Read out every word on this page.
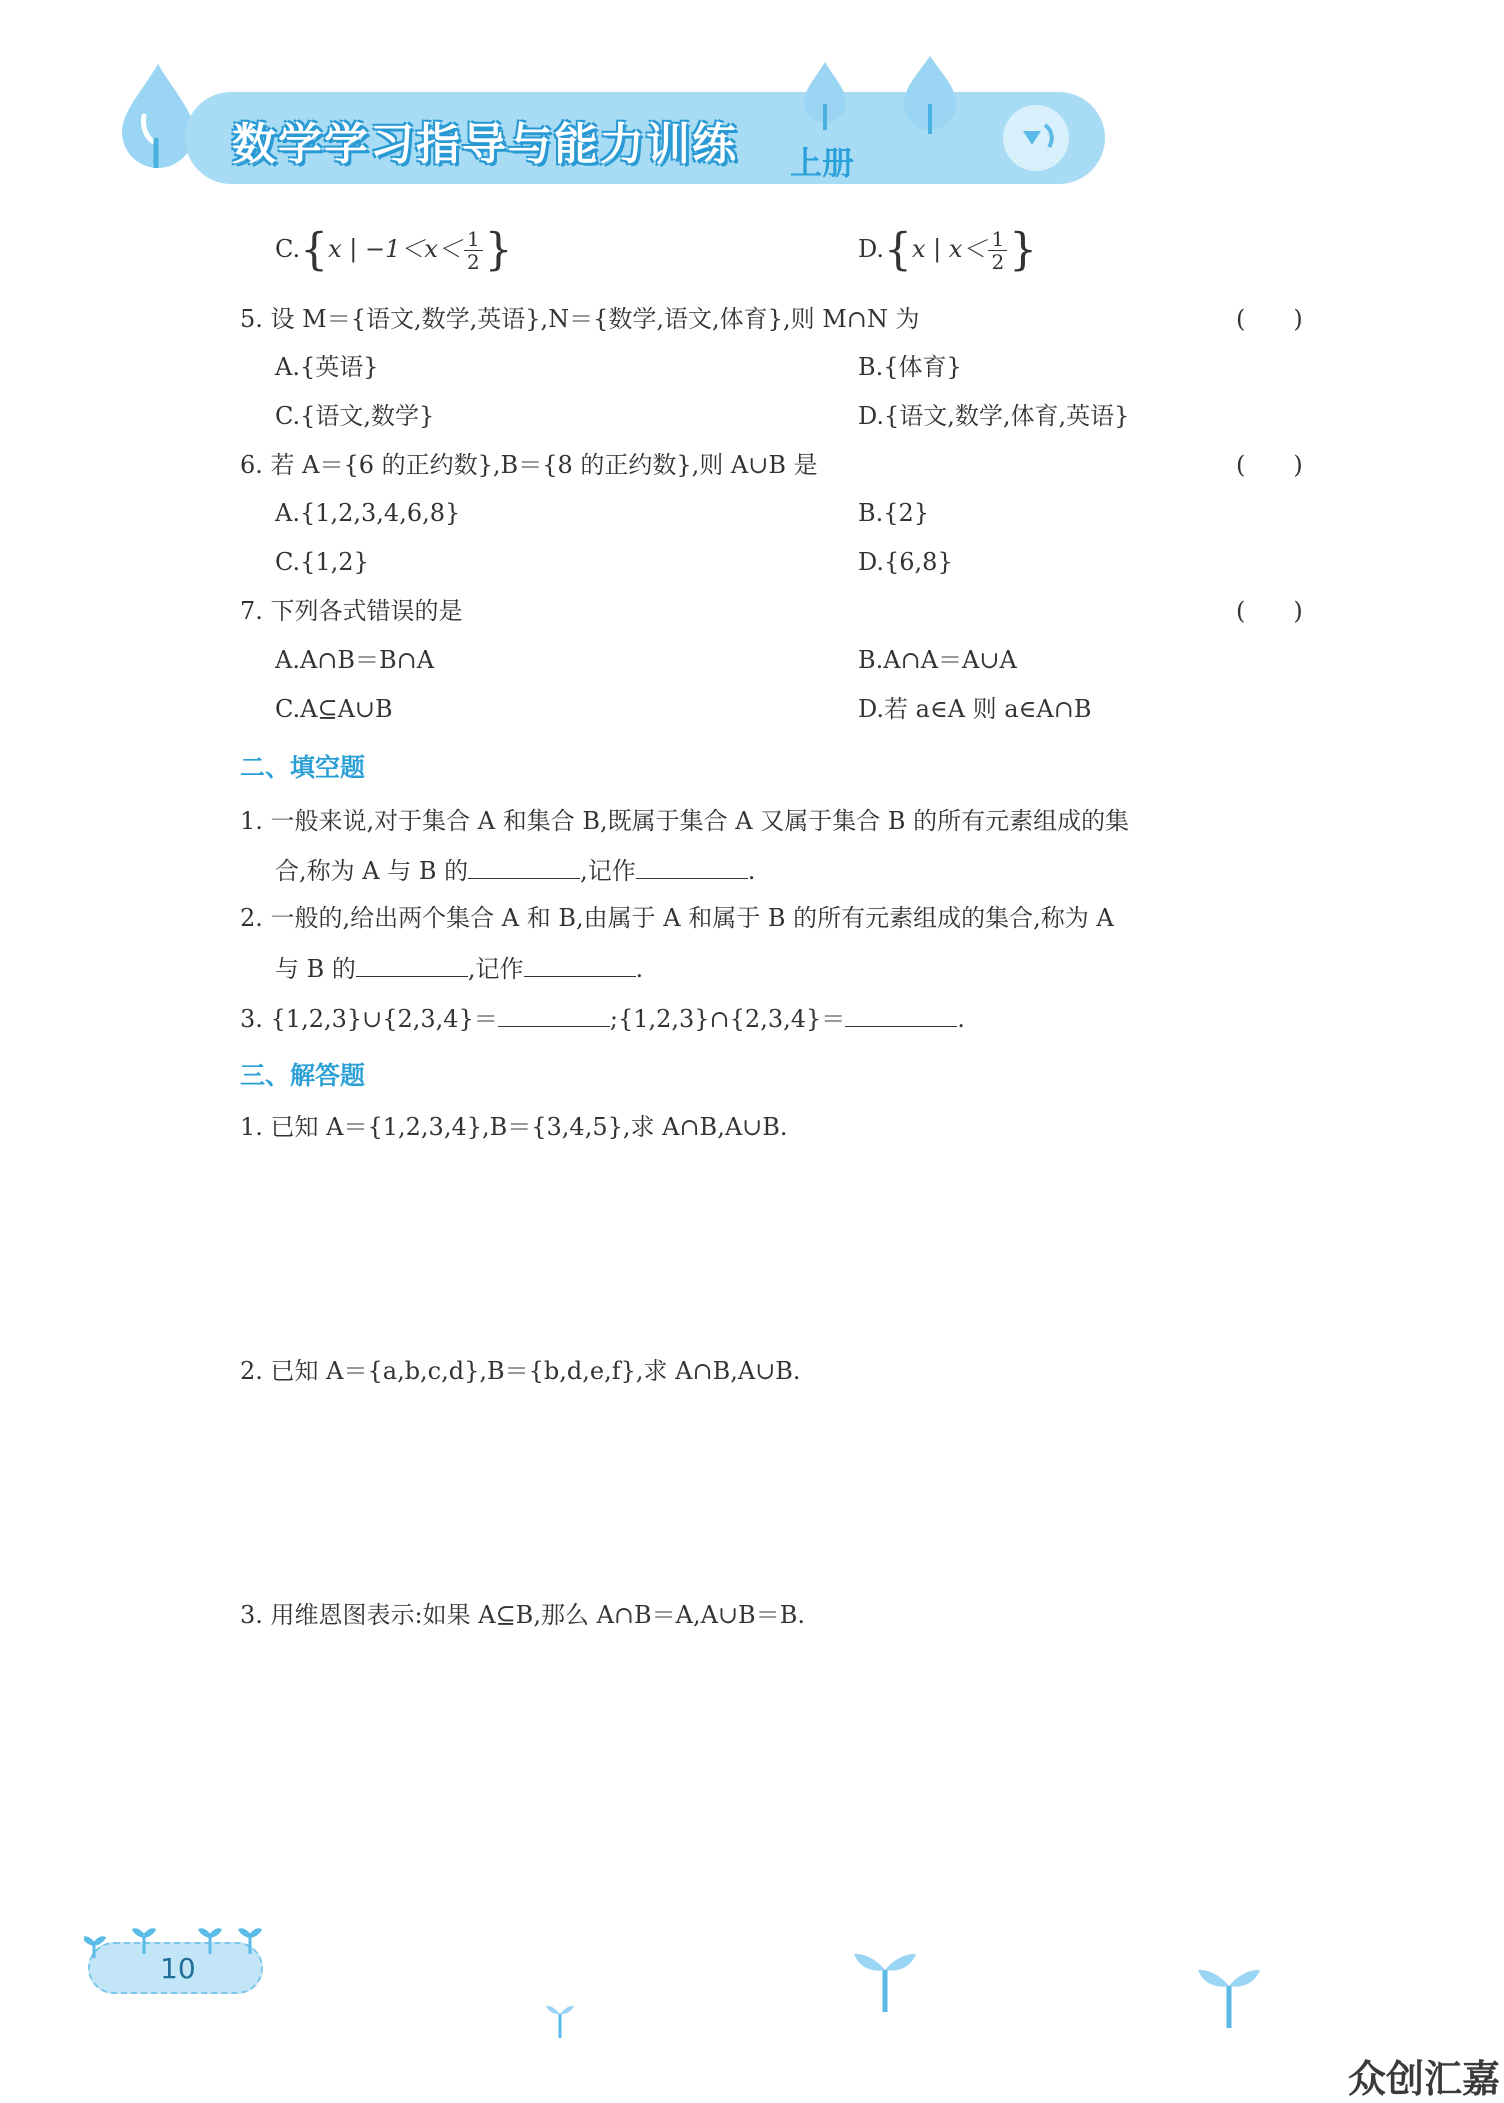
数学学习指导与能力训练 上册
C.{x | $-1<x< \frac{1}{2}$ }	D.{x | $x< \frac{1}{2}$ }
5. 设 M＝{语文,数学,英语},N＝{数学,语文,体育},则 M∩N 为	(　　)
A.{英语}	B.{体育}
C.{语文,数学}	D.{语文,数学,体育,英语}
6. 若 A＝{6 的正约数},B＝{8 的正约数},则 A∪B 是	(　　)
A.{1,2,3,4,6,8}	B.{2}
C.{1,2}	D.{6,8}
7. 下列各式错误的是	(　　)
A.A∩B＝B∩A	B.A∩A＝A∪A
C.A⊆A∪B	D.若 a∈A 则 a∈A∩B
二、填空题
1. 一般来说,对于集合 A 和集合 B,既属于集合 A 又属于集合 B 的所有元素组成的集
合,称为 A 与 B 的	,记作	.
2. 一般的,给出两个集合 A 和 B,由属于 A 和属于 B 的所有元素组成的集合,称为 A
与 B 的	,记作	.
3. {1,2,3}∪{2,3,4}＝	;{1,2,3}∩{2,3,4}＝	.
三、解答题
1. 已知 A＝{1,2,3,4},B＝{3,4,5},求 A∩B,A∪B.
2. 已知 A＝{a,b,c,d},B＝{b,d,e,f},求 A∩B,A∪B.
3. 用维恩图表示:如果 A⊆B,那么 A∩B＝A,A∪B＝B.
10
众创汇嘉
